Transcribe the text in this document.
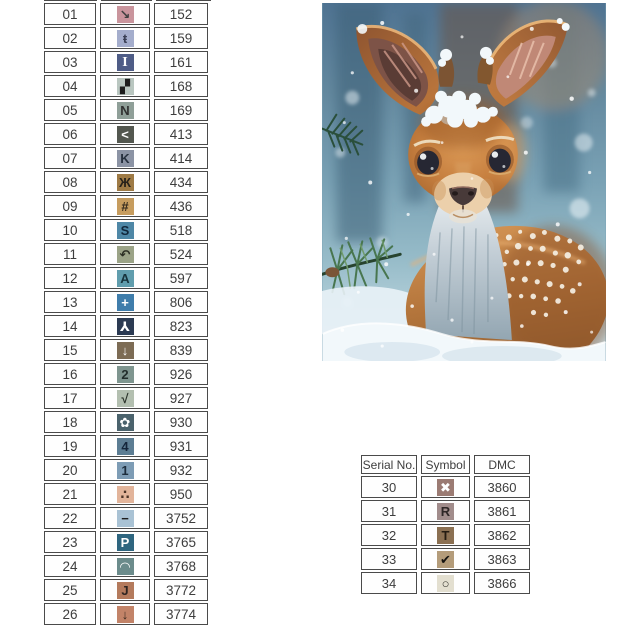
01	↘	152
02	ŧ	159
03	I	161
04	▞	168
05	N	169
06	<	413
07	K	414
08	Ж	434
09	#	436
10	S	518
11	↶	524
12	A	597
13	+	806
14	⅄	823
15	↓	839
16	2	926
17	√	927
18	✿	930
19	4	931
20	1	932
21	∴	950
22	−	3752
23	P	3765
24	◠	3768
25	J	3772
26	↓	3774
Serial No.	Symbol	DMC
30	✖	3860
31	R	3861
32	T	3862
33	✔	3863
34	○	3866
